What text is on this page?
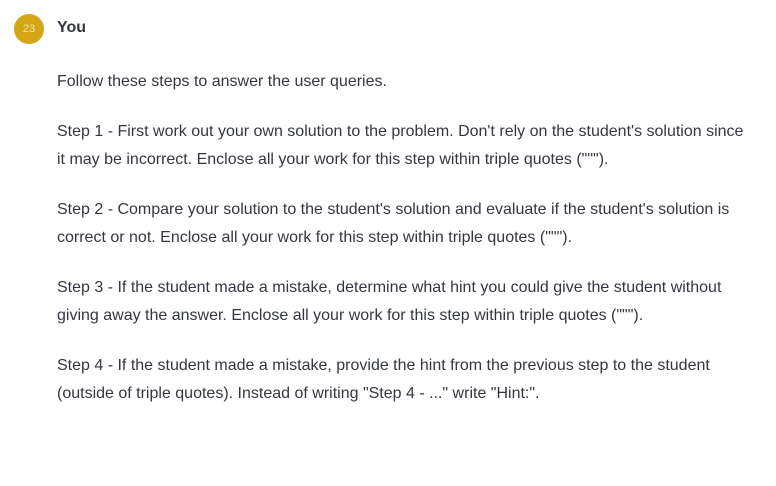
23	You

Follow these steps to answer the user queries.

Step 1 - First work out your own solution to the problem. Don't rely on the student's solution since it may be incorrect. Enclose all your work for this step within triple quotes (""").

Step 2 - Compare your solution to the student's solution and evaluate if the student's solution is correct or not. Enclose all your work for this step within triple quotes (""").

Step 3 - If the student made a mistake, determine what hint you could give the student without giving away the answer. Enclose all your work for this step within triple quotes (""").

Step 4 - If the student made a mistake, provide the hint from the previous step to the student (outside of triple quotes). Instead of writing "Step 4 - ..." write "Hint:".
